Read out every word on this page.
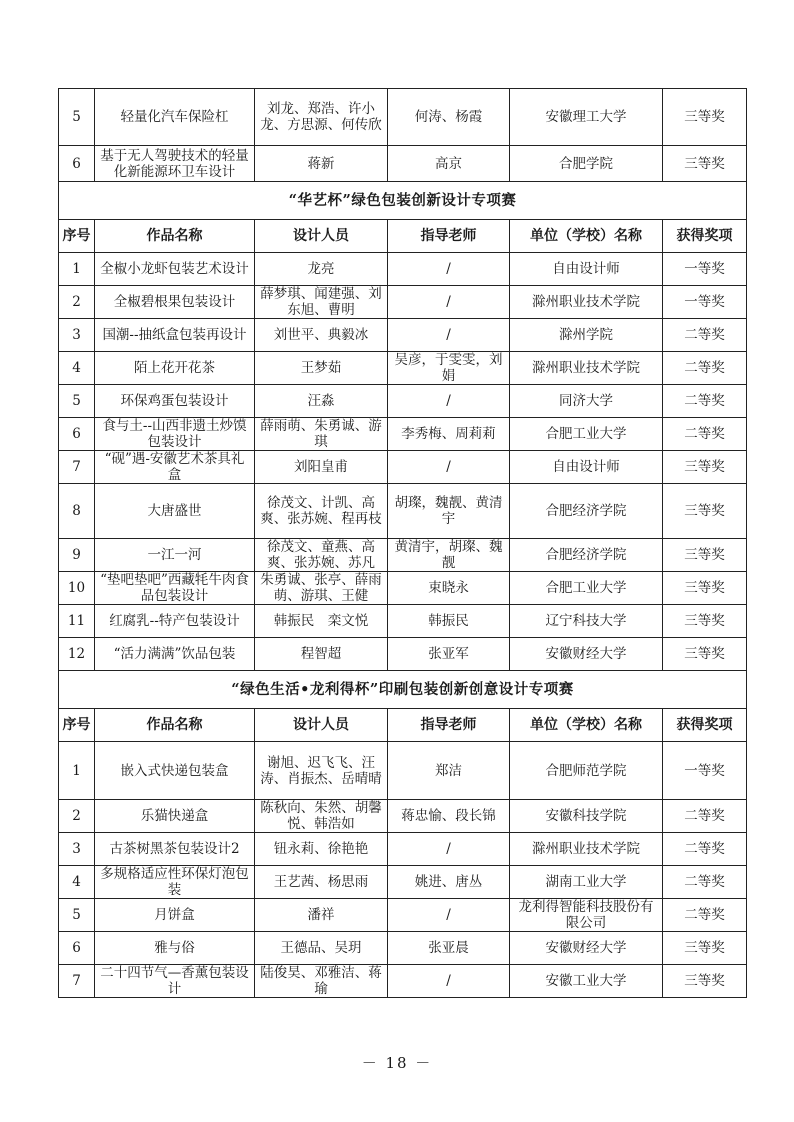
5	轻量化汽车保险杠	刘龙、郑浩、许小龙、方思源、何传欣	何涛、杨霞	安徽理工大学	三等奖
6	基于无人驾驶技术的轻量化新能源环卫车设计	蒋新	高京	合肥学院	三等奖
“华艺杯”绿色包装创新设计专项赛					
序号	作品名称	设计人员	指导老师	单位（学校）名称	获得奖项
1	全椒小龙虾包装艺术设计	龙亮	/	自由设计师	一等奖
2	全椒碧根果包装设计	薛梦琪、闻建强、刘东旭、曹明	/	滁州职业技术学院	一等奖
3	国潮--抽纸盒包装再设计	刘世平、典毅冰	/	滁州学院	二等奖
4	陌上花开花茶	王梦茹	吴彦，于雯雯，刘娟	滁州职业技术学院	二等奖
5	环保鸡蛋包装设计	汪淼	/	同济大学	二等奖
6	食与土--山西非遗土炒馍包装设计	薛雨萌、朱勇诚、游琪	李秀梅、周莉莉	合肥工业大学	二等奖
7	“砚”遇-安徽艺术茶具礼盒	刘阳皇甫	/	自由设计师	三等奖
8	大唐盛世	徐茂文、计凯、高爽、张苏婉、程再枝	胡璨，魏靓、黄清宇	合肥经济学院	三等奖
9	一江一河	徐茂文、童燕、高爽、张苏婉、苏凡	黄清宇，胡璨、魏靓	合肥经济学院	三等奖
10	“垫吧垫吧”西藏牦牛肉食品包装设计	朱勇诚、张亭、薛雨萌、游琪、王健	束晓永	合肥工业大学	三等奖
11	红腐乳--特产包装设计	韩振民　栾文悦	韩振民	辽宁科技大学	三等奖
12	“活力满满”饮品包装	程智超	张亚军	安徽财经大学	三等奖
“绿色生活•龙利得杯”印刷包装创新创意设计专项赛					
序号	作品名称	设计人员	指导老师	单位（学校）名称	获得奖项
1	嵌入式快递包装盒	谢旭、迟飞飞、汪涛、肖振杰、岳晴晴	郑洁	合肥师范学院	一等奖
2	乐猫快递盒	陈秋向、朱然、胡馨悦、韩浩如	蒋忠愉、段长锦	安徽科技学院	二等奖
3	古茶树黑茶包装设计2	钮永莉、徐艳艳	/	滁州职业技术学院	二等奖
4	多规格适应性环保灯泡包装	王艺茜、杨思雨	姚进、唐丛	湖南工业大学	二等奖
5	月饼盒	潘祥	/	龙利得智能科技股份有限公司	二等奖
6	雅与俗	王德品、吴玥	张亚晨	安徽财经大学	三等奖
7	二十四节气—香薰包装设计	陆俊昊、邓雅洁、蒋瑜	/	安徽工业大学	三等奖
－ 18 －
